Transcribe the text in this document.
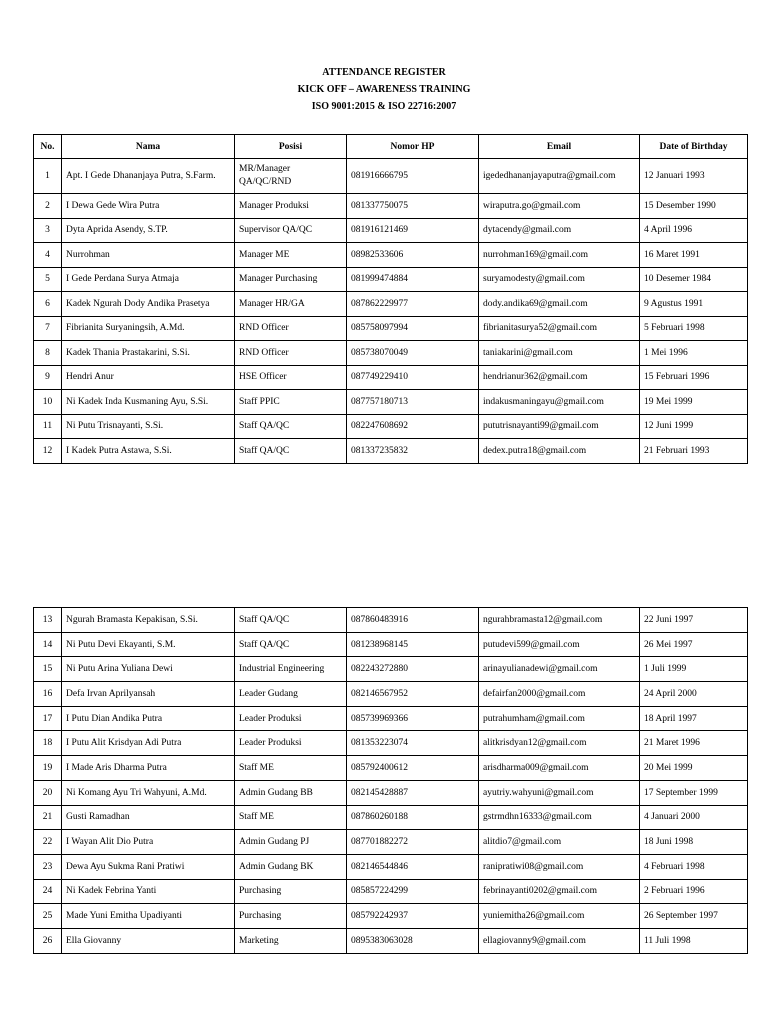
ATTENDANCE REGISTER
KICK OFF – AWARENESS TRAINING
ISO 9001:2015 & ISO 22716:2007
No.	Nama	Posisi	Nomor HP	Email	Date of Birthday
1	Apt. I Gede Dhananjaya Putra, S.Farm.	MR/Manager QA/QC/RND	081916666795	igededhananjayaputra@gmail.com	12 Januari 1993
2	I Dewa Gede Wira Putra	Manager Produksi	081337750075	wiraputra.go@gmail.com	15 Desember 1990
3	Dyta Aprida Asendy, S.TP.	Supervisor QA/QC	081916121469	dytacendy@gmail.com	4 April 1996
4	Nurrohman	Manager ME	08982533606	nurrohman169@gmail.com	16 Maret 1991
5	I Gede Perdana Surya Atmaja	Manager Purchasing	081999474884	suryamodesty@gmail.com	10 Desemer 1984
6	Kadek Ngurah Dody Andika Prasetya	Manager HR/GA	087862229977	dody.andika69@gmail.com	9 Agustus 1991
7	Fibrianita Suryaningsih, A.Md.	RND Officer	085758097994	fibrianitasurya52@gmail.com	5 Februari 1998
8	Kadek Thania Prastakarini, S.Si.	RND Officer	085738070049	taniakarini@gmail.com	1 Mei 1996
9	Hendri Anur	HSE Officer	087749229410	hendrianur362@gmail.com	15 Februari 1996
10	Ni Kadek Inda Kusmaning Ayu, S.Si.	Staff PPIC	087757180713	indakusmaningayu@gmail.com	19 Mei 1999
11	Ni Putu Trisnayanti, S.Si.	Staff QA/QC	082247608692	pututrisnayanti99@gmail.com	12 Juni 1999
12	I Kadek Putra Astawa, S.Si.	Staff QA/QC	081337235832	dedex.putra18@gmail.com	21 Februari 1993
13	Ngurah Bramasta Kepakisan, S.Si.	Staff QA/QC	087860483916	ngurahbramasta12@gmail.com	22 Juni 1997
14	Ni Putu Devi Ekayanti, S.M.	Staff QA/QC	081238968145	putudevi599@gmail.com	26 Mei 1997
15	Ni Putu Arina Yuliana Dewi	Industrial Engineering	082243272880	arinayulianadewi@gmail.com	1 Juli 1999
16	Defa Irvan Aprilyansah	Leader Gudang	082146567952	defairfan2000@gmail.com	24 April 2000
17	I Putu Dian Andika Putra	Leader Produksi	085739969366	putrahumham@gmail.com	18 April 1997
18	I Putu Alit Krisdyan Adi Putra	Leader Produksi	081353223074	alitkrisdyan12@gmail.com	21 Maret 1996
19	I Made Aris Dharma Putra	Staff ME	085792400612	arisdharma009@gmail.com	20 Mei 1999
20	Ni Komang Ayu Tri Wahyuni, A.Md.	Admin Gudang BB	082145428887	ayutriy.wahyuni@gmail.com	17 September 1999
21	Gusti Ramadhan	Staff ME	087860260188	gstrmdhn16333@gmail.com	4 Januari 2000
22	I Wayan Alit Dio Putra	Admin Gudang PJ	087701882272	alitdio7@gmail.com	18 Juni 1998
23	Dewa Ayu Sukma Rani Pratiwi	Admin Gudang BK	082146544846	ranipratiwi08@gmail.com	4 Februari 1998
24	Ni Kadek Febrina Yanti	Purchasing	085857224299	febrinayanti0202@gmail.com	2 Februari 1996
25	Made Yuni Emitha Upadiyanti	Purchasing	085792242937	yuniemitha26@gmail.com	26 September 1997
26	Ella Giovanny	Marketing	0895383063028	ellagiovanny9@gmail.com	11 Juli 1998
